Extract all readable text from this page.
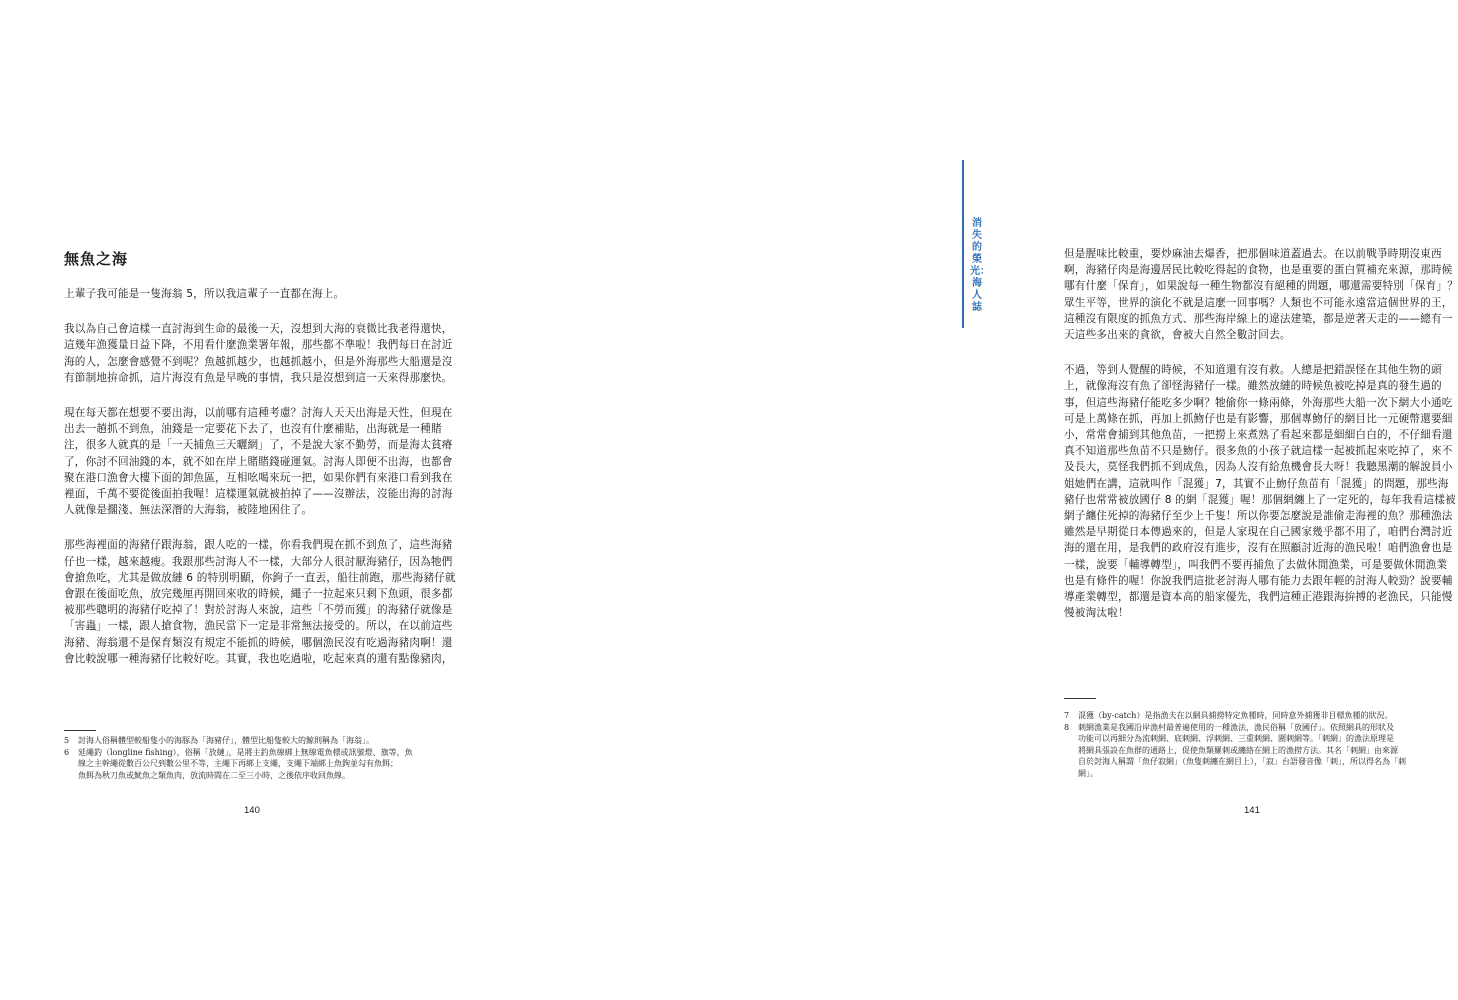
無魚之海

上輩子我可能是一隻海翁 5，所以我這輩子一直都在海上。

我以為自己會這樣一直討海到生命的最後一天，沒想到大海的衰微比我老得還快，
這幾年漁獲量日益下降，不用看什麼漁業署年報，那些都不準啦！我們每日在討近
海的人，怎麼會感覺不到呢？魚越抓越少，也越抓越小，但是外海那些大船還是沒
有節制地拚命抓，這片海沒有魚是早晚的事情，我只是沒想到這一天來得那麼快。

現在每天都在想要不要出海，以前哪有這種考慮？討海人天天出海是天性，但現在
出去一趟抓不到魚，油錢是一定要花下去了，也沒有什麼補貼，出海就是一種賭
注，很多人就真的是「一天捕魚三天曬網」了，不是說大家不勤勞，而是海太貧瘠
了，你討不回油錢的本，就不如在岸上賭賭錢碰運氣。討海人即便不出海，也都會
聚在港口漁會大樓下面的卸魚區，互相吆喝來玩一把，如果你們有來港口看到我在
裡面，千萬不要從後面拍我喔！這樣運氣就被拍掉了——沒辦法，沒能出海的討海
人就像是擱淺、無法深潛的大海翁，被陸地困住了。

那些海裡面的海豬仔跟海翁，跟人吃的一樣，你看我們現在抓不到魚了，這些海豬
仔也一樣，越來越瘦。我跟那些討海人不一樣，大部分人很討厭海豬仔，因為牠們
會搶魚吃，尤其是做放縺 6 的特別明顯，你鉤子一直丟，船往前跑，那些海豬仔就
會跟在後面吃魚，放完幾厘再開回來收的時候，繩子一拉起來只剩下魚頭，很多都
被那些聰明的海豬仔吃掉了！對於討海人來說，這些「不勞而獲」的海豬仔就像是
「害蟲」一樣，跟人搶食物，漁民當下一定是非常無法接受的。所以，在以前這些
海豬、海翁還不是保育類沒有規定不能抓的時候，哪個漁民沒有吃過海豬肉啊！還
會比較說哪一種海豬仔比較好吃。其實，我也吃過啦，吃起來真的還有點像豬肉，

5	討海人俗稱體型較船隻小的海豚為「海豬仔」，體型比船隻較大的鯨則稱為「海翁」。
6	延繩釣（longline fishing），俗稱「放縺」，是將主釣魚線綁上無線電魚標或訊號燈、旗等，魚
線之主幹繩從數百公尺到數公里不等，主繩下再綁上支繩，支繩下端綁上魚鉤並勾有魚餌；
魚餌為秋刀魚或魷魚之類魚肉，放流時間在二至三小時，之後依序收回魚線。
140

但是腥味比較重，要炒麻油去爆香，把那個味道蓋過去。在以前戰爭時期沒東西
啊，海豬仔肉是海邊居民比較吃得起的食物，也是重要的蛋白質補充來源，那時候
哪有什麼「保育」，如果說每一種生物都沒有絕種的問題，哪還需要特別「保育」？
眾生平等，世界的演化不就是這麼一回事嗎？人類也不可能永遠當這個世界的王，
這種沒有限度的抓魚方式、那些海岸線上的違法建築，都是逆著天走的——總有一
天這些多出來的貪欲，會被大自然全數討回去。

不過，等到人覺醒的時候，不知道還有沒有救。人總是把錯誤怪在其他生物的頭
上，就像海沒有魚了卻怪海豬仔一樣。雖然放縺的時候魚被吃掉是真的發生過的
事，但這些海豬仔能吃多少啊？牠偷你一條兩條，外海那些大船一次下網大小通吃
可是上萬條在抓，再加上抓魩仔也是有影響，那個專魩仔的網目比一元硬幣還要細
小，常常會捕到其他魚苗，一把撈上來煮熟了看起來都是細細白白的，不仔細看還
真不知道那些魚苗不只是魩仔。很多魚的小孩子就這樣一起被抓起來吃掉了，來不
及長大，莫怪我們抓不到成魚，因為人沒有給魚機會長大呀！我聽黑潮的解說員小
姐她們在講，這就叫作「混獲」7，其實不止魩仔魚苗有「混獲」的問題，那些海
豬仔也常常被放國仔 8 的網「混獲」喔！那個網纏上了一定死的，每年我看這樣被
網子纏住死掉的海豬仔至少上千隻！所以你要怎麼說是誰偷走海裡的魚？那種漁法
雖然是早期從日本傳過來的，但是人家現在自己國家幾乎都不用了，咱們台灣討近
海的還在用，是我們的政府沒有進步，沒有在照顧討近海的漁民啦！咱們漁會也是
一樣，說要「輔導轉型」，叫我們不要再捕魚了去做休閒漁業，可是要做休閒漁業
也是有條件的喔！你說我們這批老討海人哪有能力去跟年輕的討海人較勁？說要輔
導產業轉型，都還是資本高的船家優先，我們這種正港跟海拚搏的老漁民，只能慢
慢被淘汰啦！

7	混獲（by-catch）是指漁夫在以網具捕撈特定魚種時，同時意外捕獲非目標魚種的狀況。
8	刺網漁業是我國沿岸漁村最普遍使用的一種漁法，漁民俗稱「放國仔」。依照網具的形狀及
功能可以再細分為流刺網、底刺網、浮刺網、三重刺網、圍刺網等。「刺網」的漁法原理是
將網具張設在魚群的通路上，促使魚類羅刺或纏絡在網上的漁撈方法。其名「刺網」由來源
自於討海人稱謂「魚仔寂網」（魚隻刺纏在網目上），「寂」台語發音像「刺」，所以得名為「刺
網」。
141
消失的榮光：海人誌
